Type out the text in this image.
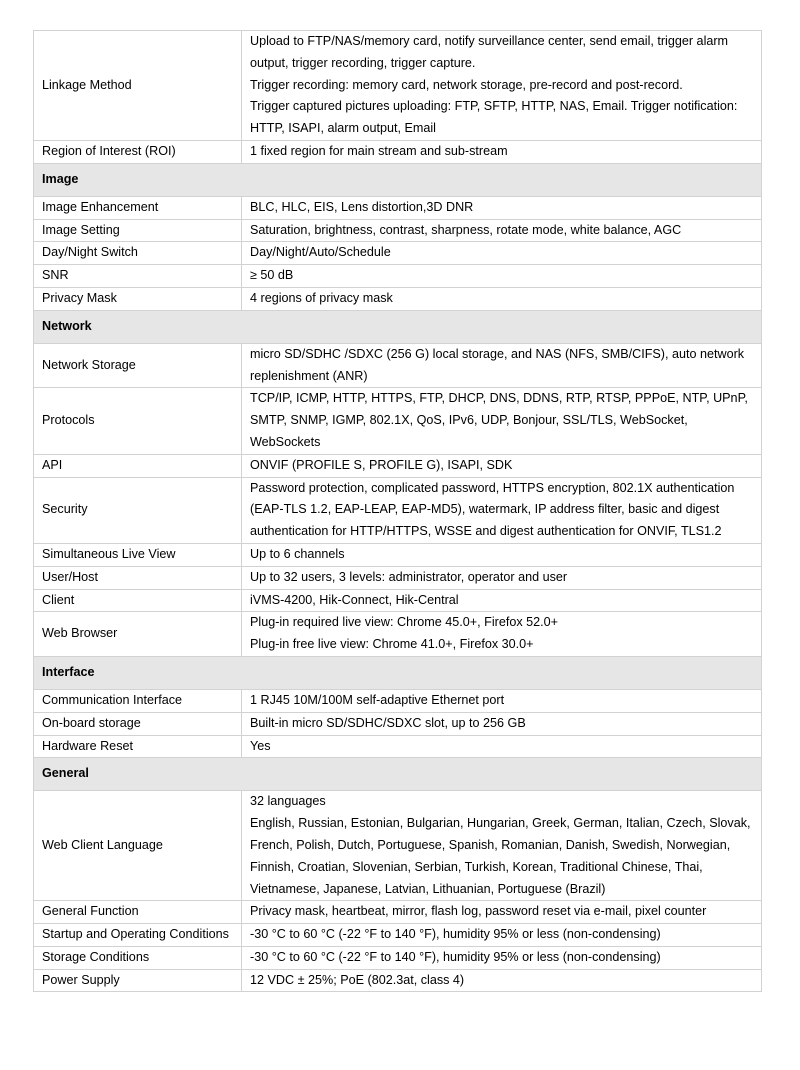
Linkage Method	Upload to FTP/NAS/memory card, notify surveillance center, send email, trigger alarm
output, trigger recording, trigger capture.
Trigger recording: memory card, network storage, pre-record and post-record.
Trigger captured pictures uploading: FTP, SFTP, HTTP, NAS, Email. Trigger notification:
HTTP, ISAPI, alarm output, Email

Region of Interest (ROI)	1 fixed region for main stream and sub-stream

Image	
Image Enhancement	BLC, HLC, EIS, Lens distortion,3D DNR

Image Setting	Saturation, brightness, contrast, sharpness, rotate mode, white balance, AGC

Day/Night Switch	Day/Night/Auto/Schedule

SNR	≥ 50 dB

Privacy Mask	4 regions of privacy mask

Network	
Network Storage	micro SD/SDHC /SDXC (256 G) local storage, and NAS (NFS, SMB/CIFS), auto network
replenishment (ANR)

Protocols	TCP/IP, ICMP, HTTP, HTTPS, FTP, DHCP, DNS, DDNS, RTP, RTSP, PPPoE, NTP, UPnP,
SMTP, SNMP, IGMP, 802.1X, QoS, IPv6, UDP, Bonjour, SSL/TLS, WebSocket,
WebSockets

API	ONVIF (PROFILE S, PROFILE G), ISAPI, SDK

Security	Password protection, complicated password, HTTPS encryption, 802.1X authentication
(EAP-TLS 1.2, EAP-LEAP, EAP-MD5), watermark, IP address filter, basic and digest
authentication for HTTP/HTTPS, WSSE and digest authentication for ONVIF, TLS1.2

Simultaneous Live View	Up to 6 channels

User/Host	Up to 32 users, 3 levels: administrator, operator and user

Client	iVMS-4200, Hik-Connect, Hik-Central

Web Browser	Plug-in required live view: Chrome 45.0+, Firefox 52.0+
Plug-in free live view: Chrome 41.0+, Firefox 30.0+

Interface	
Communication Interface	1 RJ45 10M/100M self-adaptive Ethernet port

On-board storage	Built-in micro SD/SDHC/SDXC slot, up to 256 GB

Hardware Reset	Yes

General	
Web Client Language	32 languages
English, Russian, Estonian, Bulgarian, Hungarian, Greek, German, Italian, Czech, Slovak,
French, Polish, Dutch, Portuguese, Spanish, Romanian, Danish, Swedish, Norwegian,
Finnish, Croatian, Slovenian, Serbian, Turkish, Korean, Traditional Chinese, Thai,
Vietnamese, Japanese, Latvian, Lithuanian, Portuguese (Brazil)

General Function	Privacy mask, heartbeat, mirror, flash log, password reset via e-mail, pixel counter

Startup and Operating Conditions	-30 °C to 60 °C (-22 °F to 140 °F), humidity 95% or less (non-condensing)

Storage Conditions	-30 °C to 60 °C (-22 °F to 140 °F), humidity 95% or less (non-condensing)

Power Supply	12 VDC ± 25%; PoE (802.3at, class 4)
